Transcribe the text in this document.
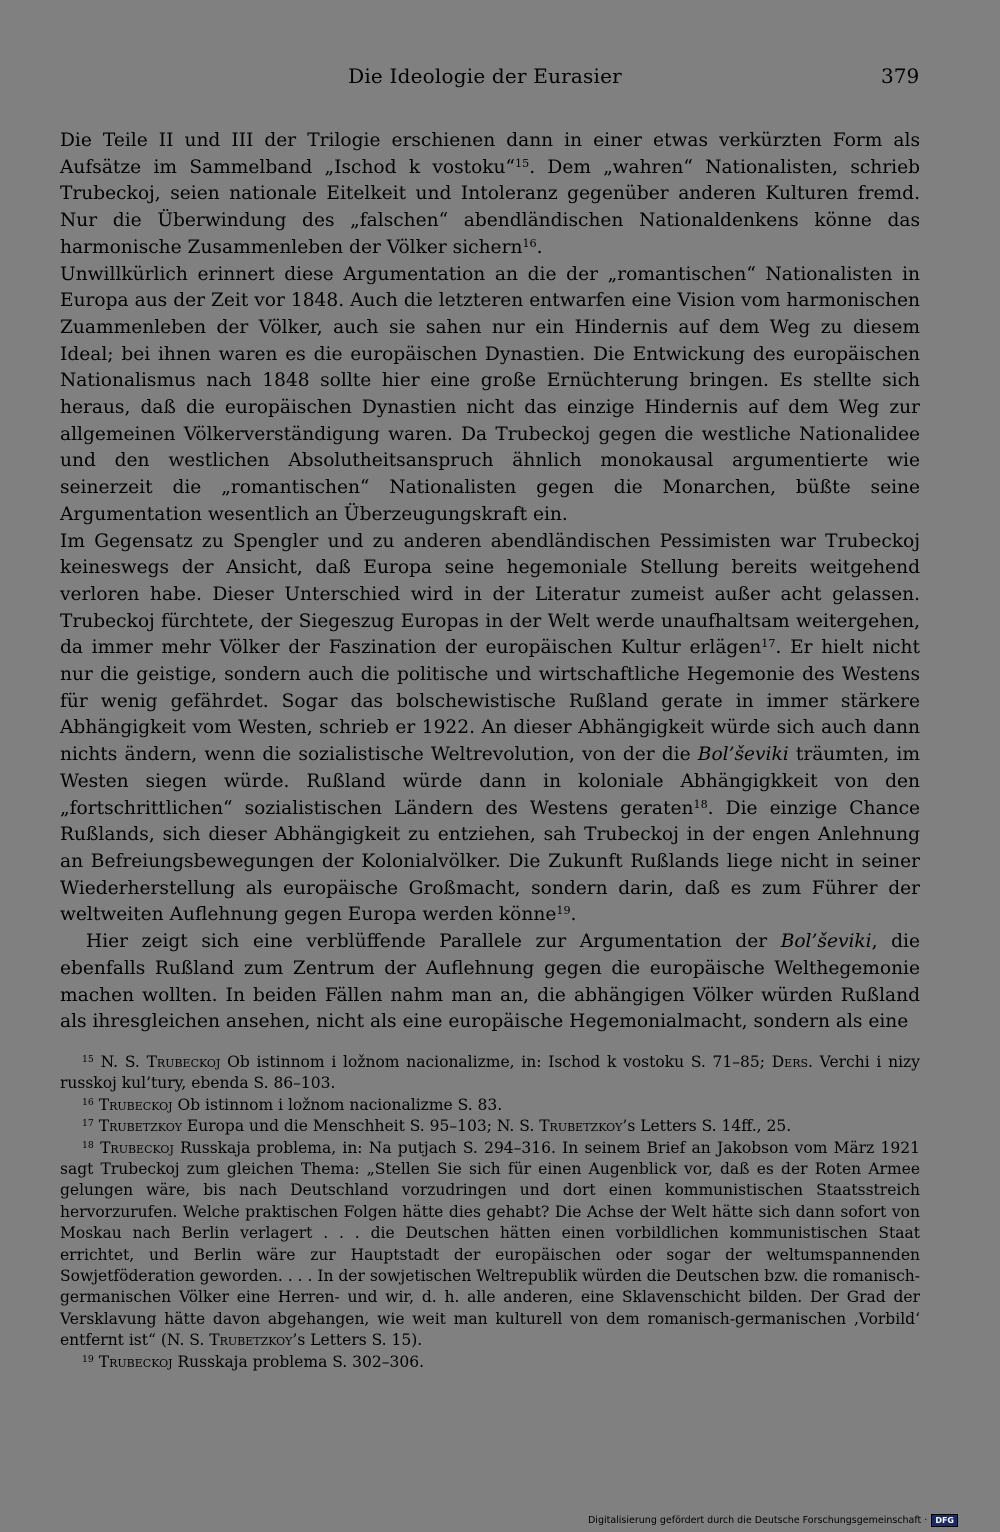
Die Ideologie der Eurasier	379

Die Teile II und III der Trilogie erschienen dann in einer etwas verkürzten Form als Aufsätze im Sammelband „Ischod k vostoku“$^{15}$. Dem „wahren“ Nationalisten, schrieb Trubeckoj, seien nationale Eitelkeit und Intoleranz gegenüber anderen Kulturen fremd. Nur die Überwindung des „falschen“ abendländischen Nationaldenkens könne das harmonische Zusammenleben der Völker sichern$^{16}$.

Unwillkürlich erinnert diese Argumentation an die der „romantischen“ Nationalisten in Europa aus der Zeit vor 1848. Auch die letzteren entwarfen eine Vision vom harmonischen Zuammenleben der Völker, auch sie sahen nur ein Hindernis auf dem Weg zu diesem Ideal; bei ihnen waren es die europäischen Dynastien. Die Entwickung des europäischen Nationalismus nach 1848 sollte hier eine große Ernüchterung bringen. Es stellte sich heraus, daß die europäischen Dynastien nicht das einzige Hindernis auf dem Weg zur allgemeinen Völkerverständigung waren. Da Trubeckoj gegen die westliche Nationalidee und den westlichen Absolutheitsanspruch ähnlich monokausal argumentierte wie seinerzeit die „romantischen“ Nationalisten gegen die Monarchen, büßte seine Argumentation wesentlich an Überzeugungskraft ein.

Im Gegensatz zu Spengler und zu anderen abendländischen Pessimisten war Trubeckoj keineswegs der Ansicht, daß Europa seine hegemoniale Stellung bereits weitgehend verloren habe. Dieser Unterschied wird in der Literatur zumeist außer acht gelassen. Trubeckoj fürchtete, der Siegeszug Europas in der Welt werde unaufhaltsam weitergehen, da immer mehr Völker der Faszination der europäischen Kultur erlägen$^{17}$. Er hielt nicht nur die geistige, sondern auch die politische und wirtschaftliche Hegemonie des Westens für wenig gefährdet. Sogar das bolschewistische Rußland gerate in immer stärkere Abhängigkeit vom Westen, schrieb er 1922. An dieser Abhängigkeit würde sich auch dann nichts ändern, wenn die sozialistische Weltrevolution, von der die Bol’ševiki träumten, im Westen siegen würde. Rußland würde dann in koloniale Abhängigkkeit von den „fortschrittlichen“ sozialistischen Ländern des Westens geraten$^{18}$. Die einzige Chance Rußlands, sich dieser Abhängigkeit zu entziehen, sah Trubeckoj in der engen Anlehnung an Befreiungsbewegungen der Kolonialvölker. Die Zukunft Rußlands liege nicht in seiner Wiederherstellung als europäische Großmacht, sondern darin, daß es zum Führer der weltweiten Auflehnung gegen Europa werden könne$^{19}$.

Hier zeigt sich eine verblüffende Parallele zur Argumentation der Bol’ševiki, die ebenfalls Rußland zum Zentrum der Auflehnung gegen die europäische Welthegemonie machen wollten. In beiden Fällen nahm man an, die abhängigen Völker würden Rußland als ihresgleichen ansehen, nicht als eine europäische Hegemonialmacht, sondern als eine

$^{15}$ N. S. Trubeckoj Ob istinnom i ložnom nacionalizme, in: Ischod k vostoku S. 71–85; Ders. Verchi i nizy russkoj kul’tury, ebenda S. 86–103.

$^{16}$ Trubeckoj Ob istinnom i ložnom nacionalizme S. 83.

$^{17}$ Trubetzkoy Europa und die Menschheit S. 95–103; N. S. Trubetzkoy’s Letters S. 14ff., 25.

$^{18}$ Trubeckoj Russkaja problema, in: Na putjach S. 294–316. In seinem Brief an Jakobson vom März 1921 sagt Trubeckoj zum gleichen Thema: „Stellen Sie sich für einen Augenblick vor, daß es der Roten Armee gelungen wäre, bis nach Deutschland vorzudringen und dort einen kommunistischen Staatsstreich hervorzurufen. Welche praktischen Folgen hätte dies gehabt? Die Achse der Welt hätte sich dann sofort von Moskau nach Berlin verlagert . . . die Deutschen hätten einen vorbildlichen kommunistischen Staat errichtet, und Berlin wäre zur Hauptstadt der europäischen oder sogar der weltumspannenden Sowjetföderation geworden. . . . In der sowjetischen Weltrepublik würden die Deutschen bzw. die romanisch-germanischen Völker eine Herren- und wir, d. h. alle anderen, eine Sklavenschicht bilden. Der Grad der Versklavung hätte davon abgehangen, wie weit man kulturell von dem romanisch-germanischen ‚Vorbild‘ entfernt ist“ (N. S. Trubetzkoy’s Letters S. 15).

$^{19}$ Trubeckoj Russkaja problema S. 302–306.

Digitalisierung gefördert durch die Deutsche Forschungsgemeinschaft ·	DFG
